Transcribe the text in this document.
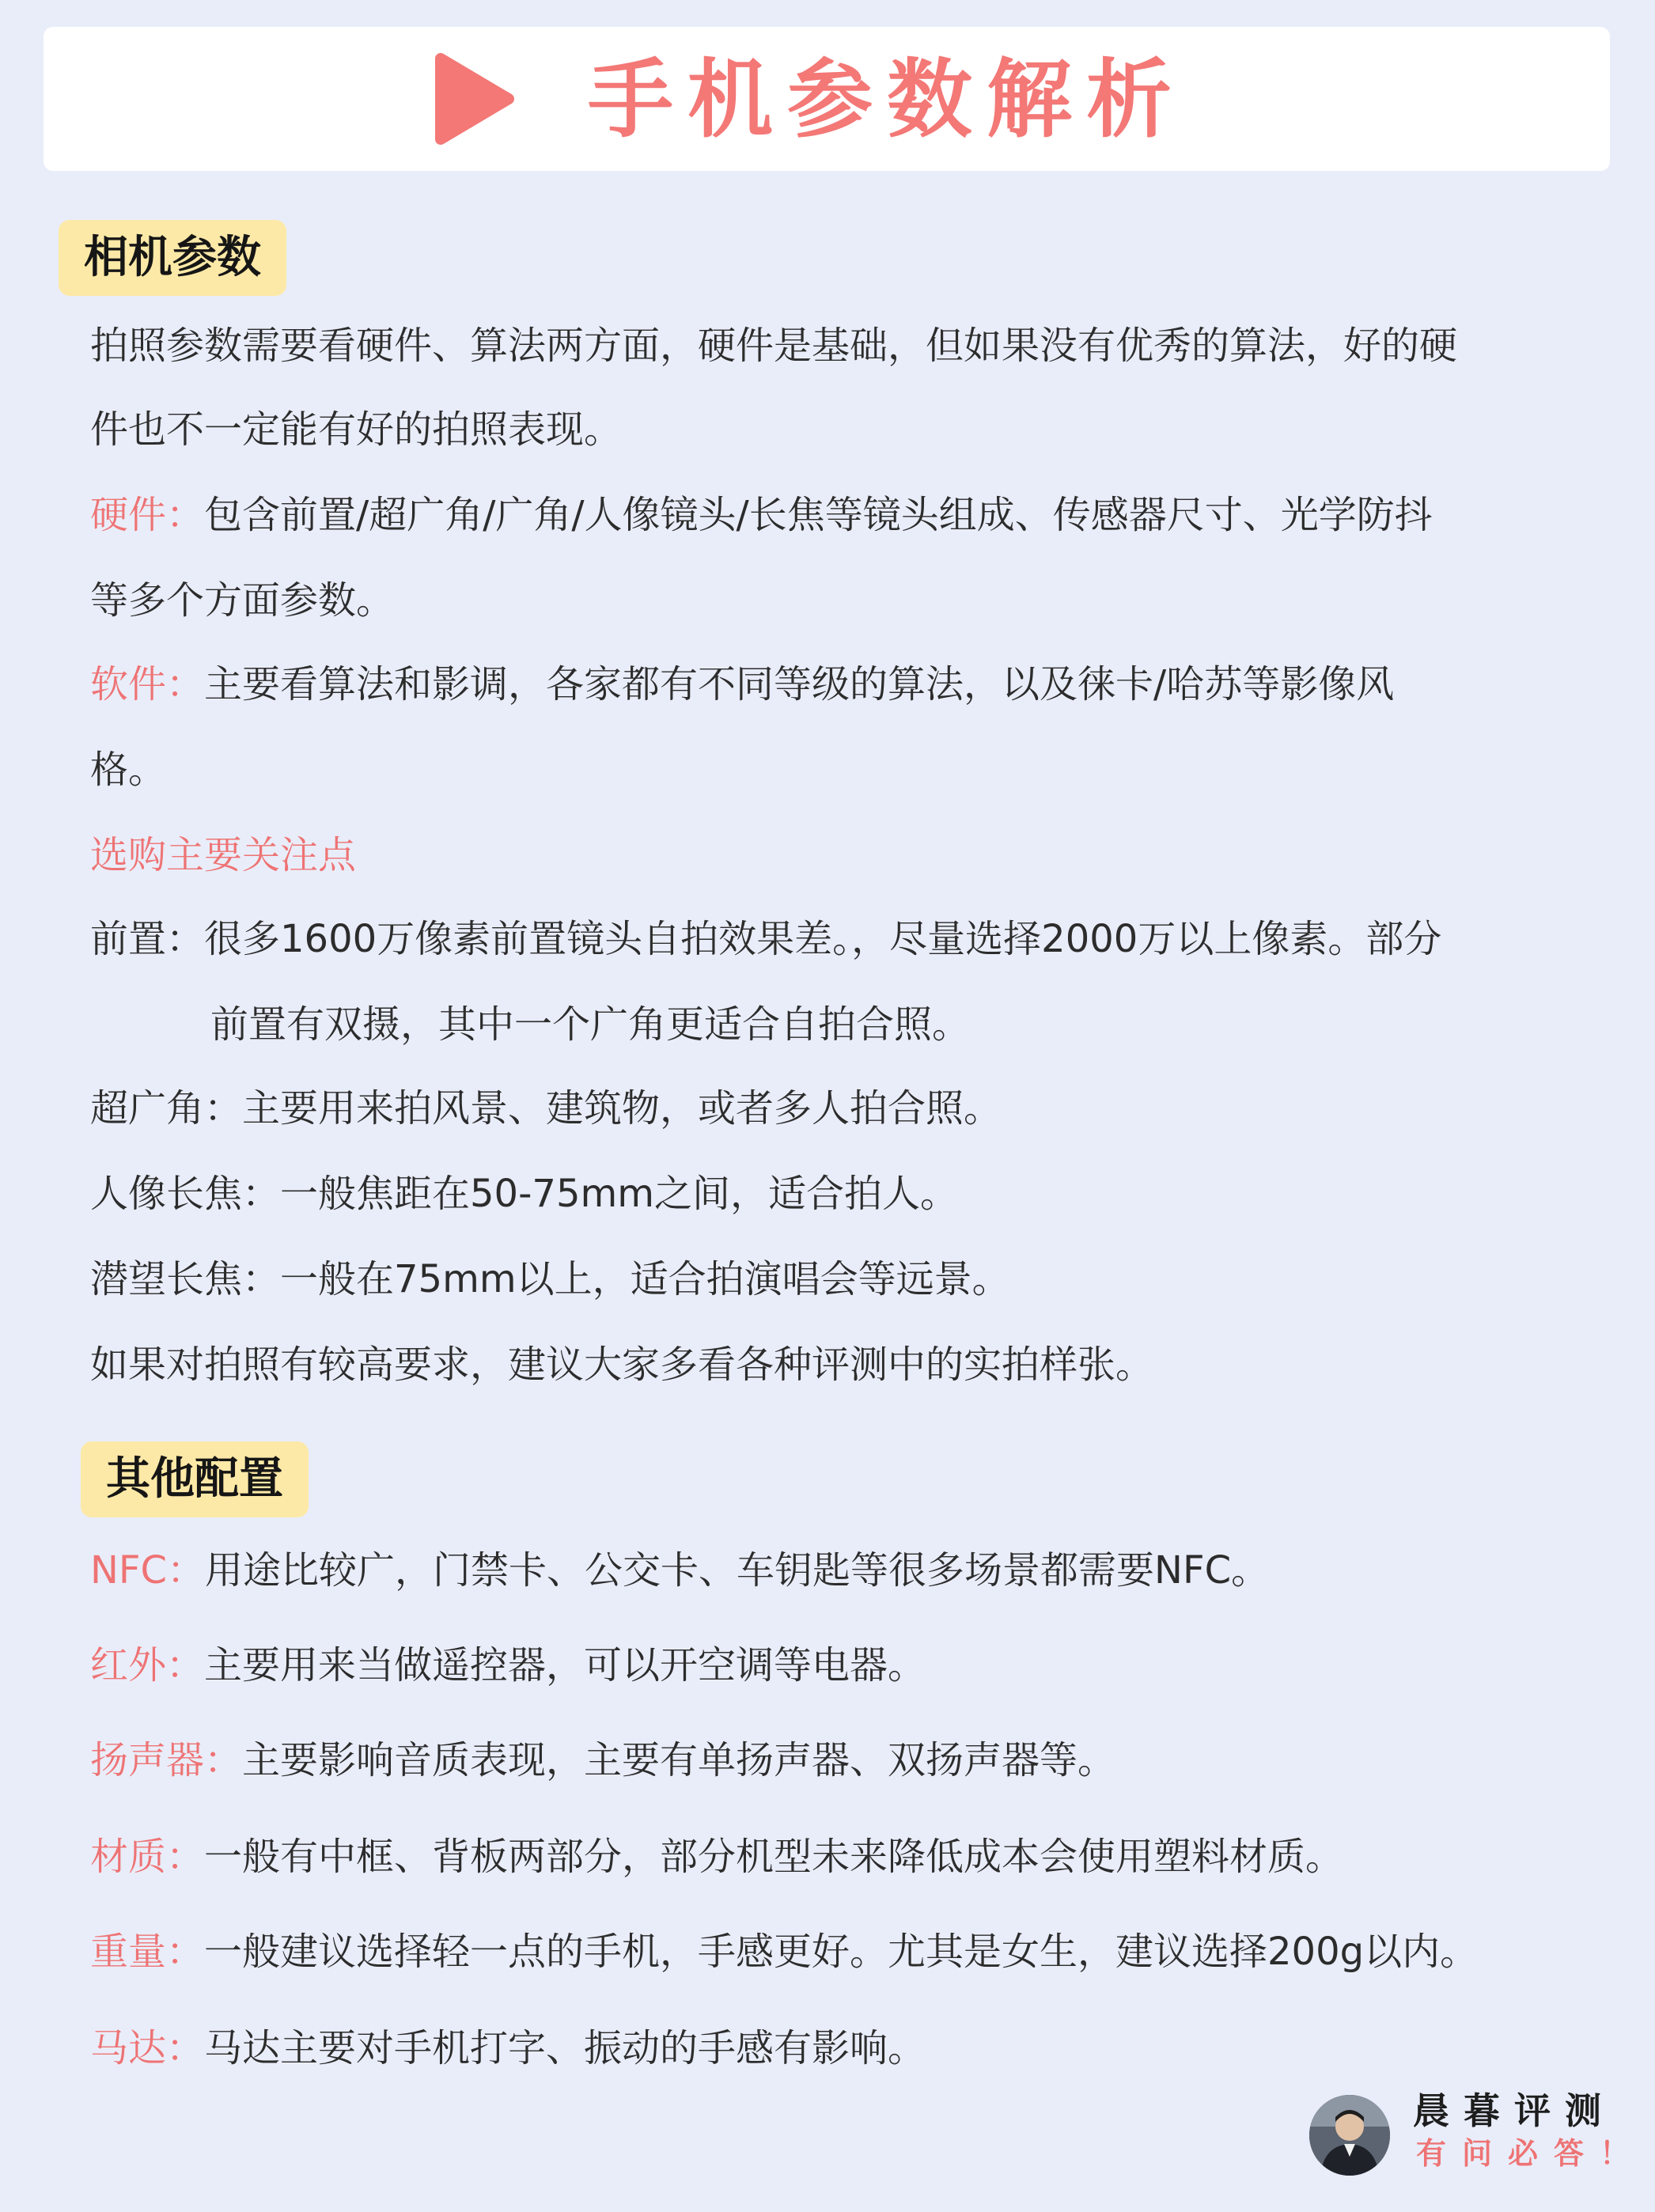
手机参数解析
相机参数
拍照参数需要看硬件、算法两方面，硬件是基础，但如果没有优秀的算法，好的硬
件也不一定能有好的拍照表现。
硬件：包含前置/超广角/广角/人像镜头/长焦等镜头组成、传感器尺寸、光学防抖
等多个方面参数。
软件：主要看算法和影调，各家都有不同等级的算法，以及徕卡/哈苏等影像风
格。
选购主要关注点
前置：很多1600万像素前置镜头自拍效果差。，尽量选择2000万以上像素。部分
前置有双摄，其中一个广角更适合自拍合照。
超广角：主要用来拍风景、建筑物，或者多人拍合照。
人像长焦：一般焦距在50-75mm之间，适合拍人。
潜望长焦：一般在75mm以上，适合拍演唱会等远景。
如果对拍照有较高要求，建议大家多看各种评测中的实拍样张。
其他配置
NFC：用途比较广，门禁卡、公交卡、车钥匙等很多场景都需要NFC。
红外：主要用来当做遥控器，可以开空调等电器。
扬声器：主要影响音质表现，主要有单扬声器、双扬声器等。
材质：一般有中框、背板两部分，部分机型未来降低成本会使用塑料材质。
重量：一般建议选择轻一点的手机，手感更好。尤其是女生，建议选择200g以内。
马达：马达主要对手机打字、振动的手感有影响。
晨暮评测
有问必答！
